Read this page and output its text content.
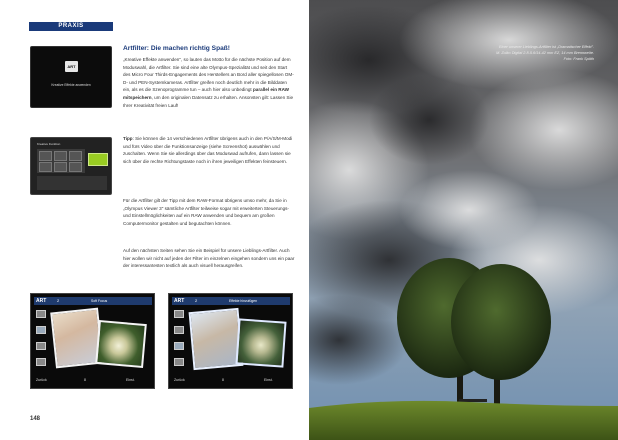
PRAXIS
ART
Kreative Effekte anwenden
Kreative Funktion
Artfilter: Die machen richtig Spaß!
„Kreative Effekte anwenden", so lauten das Motto für die nächste Position auf dem Moduswahl, die Artfilter. Sie sind eine alte Olympus-Spezialität und seit den Start des Micro Four Thirds-Engagements des Herstellers an Bord aller spiegellosen OM-D- und PEN-Systemkameras. Artfilter greifen noch deutlich mehr in die Bilddaten ein, als es die Szenoprogramme tun – auch hier also unbedingt parallel ein RAW mitspeichern, um den originalen Datensatz zu erhalten. Ansonsten gilt: Lassen Sie Ihrer Kreativität freien Lauf!
Tipp: Sie können die 14 verschiedenen Artfilter übrigens auch in den P/A/S/M-Modi und fürs Video über die Funktionsanzeige (siehe Screenshot) auswählen und zuschalten. Wenn Sie sie allerdings über das Moduswad aufrufen, dann lassen sie sich über die rechte Richtungstaste noch in ihren jeweiligen Effekten feinsteuern.
Für die Artfilter gilt der Tipp mit dem RAW-Format übrigens umso mehr, da Sie in „Olympus Viewer 3" sämtliche Artfilter teilweise sogar mit erweiterten Steuerungs- und Einstellmöglichkeiten auf ein RAW anwenden und bequem am großen Computermonitor gestalten und begutachten können.
Auf den nächsten Seiten sehen Sie ein Beispiel für unsere Lieblings-Artfilter. Auch hier wollen wir nicht auf jeden der Filter im einzelnen eingehen sondern uns ein paar der interessantesten textlich als auch visuell herausgreifen.
ART	2	Soft Focus
Zurück	8	Einst.
ART	2	Effekte hinzufügen
Zurück	8	Einst.
148
Einer unserer Lieblings-Artfilter ist „Dramatischer Effekt".
M. Zuiko Digital 2.8-5.6/14-42 mm EZ, 14 mm Brennweite.
Foto: Frank Späth
